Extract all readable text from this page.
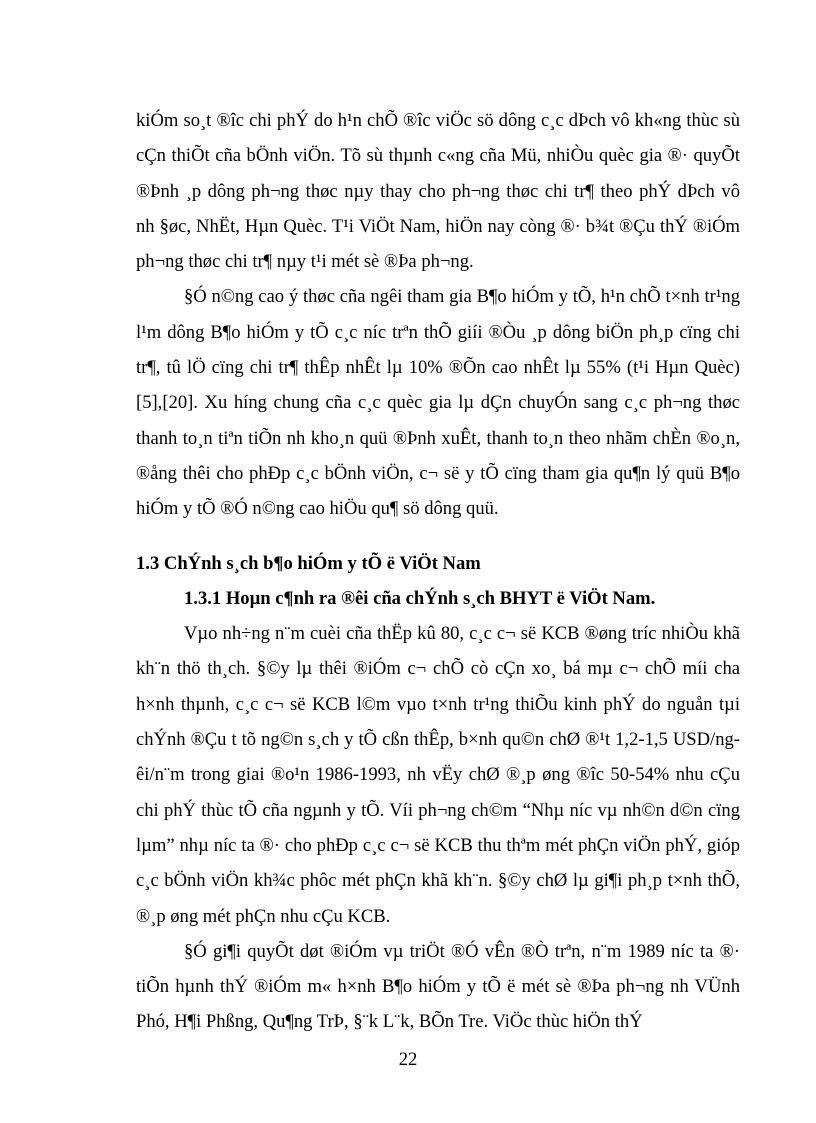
kiÓm so¸t ®îc chi phÝ do h¹n chÕ ®îc viÖc sö dông c¸c dÞch vô kh«ng thùc sù cÇn thiÕt cña bÖnh viÖn. Tõ sù thµnh c«ng cña Mü, nhiÒu quèc gia ®· quyÕt ®Þnh ¸p dông ph¬ng thøc nµy thay cho ph¬ng thøc chi tr¶ theo phÝ dÞch vô nh §øc, NhËt, Hµn Quèc. T¹i ViÖt Nam, hiÖn nay còng ®· b¾t ®Çu thÝ ®iÓm ph¬ng thøc chi tr¶ nµy t¹i mét sè ®Þa ph¬ng.

§Ó n©ng cao ý thøc cña ngêi tham gia B¶o hiÓm y tÕ, h¹n chÕ t×nh tr¹ng l¹m dông B¶o hiÓm y tÕ c¸c níc trªn thÕ giíi ®Òu ¸p dông biÖn ph¸p cïng chi tr¶, tû lÖ cïng chi tr¶ thÊp nhÊt lµ 10% ®Õn cao nhÊt lµ 55% (t¹i Hµn Quèc) [5],[20]. Xu híng chung cña c¸c quèc gia lµ dÇn chuyÓn sang c¸c ph¬ng thøc thanh to¸n tiªn tiÕn nh kho¸n quü ®Þnh xuÊt, thanh to¸n theo nhãm chÈn ®o¸n, ®ång thêi cho phÐp c¸c bÖnh viÖn, c¬ së y tÕ cïng tham gia qu¶n lý quü B¶o hiÓm y tÕ ®Ó n©ng cao hiÖu qu¶ sö dông quü.

1.3 ChÝnh s¸ch b¶o hiÓm y tÕ ë ViÖt Nam

1.3.1 Hoµn c¶nh ra ®êi cña chÝnh s¸ch BHYT ë ViÖt Nam.

Vµo nh÷ng n¨m cuèi cña thËp kû 80, c¸c c¬ së KCB ®øng tríc nhiÒu khã kh¨n thö th¸ch. §©y lµ thêi ®iÓm c¬ chÕ cò cÇn xo¸ bá mµ c¬ chÕ míi cha h×nh thµnh, c¸c c¬ së KCB l©m vµo t×nh tr¹ng thiÕu kinh phÝ do nguån tµi chÝnh ®Çu t tõ ng©n s¸ch y tÕ cßn thÊp, b×nh qu©n chØ ®¹t 1,2-1,5 USD/ngêi/n¨m trong giai ®o¹n 1986-1993, nh vËy chØ ®¸p øng ®îc 50-54% nhu cÇu chi phÝ thùc tÕ cña ngµnh y tÕ. Víi ph¬ng ch©m “Nhµ níc vµ nh©n d©n cïng lµm” nhµ níc ta ®· cho phÐp c¸c c¬ së KCB thu thªm mét phÇn viÖn phÝ, gióp c¸c bÖnh viÖn kh¾c phôc mét phÇn khã kh¨n. §©y chØ lµ gi¶i ph¸p t×nh thÕ, ®¸p øng mét phÇn nhu cÇu KCB.

§Ó gi¶i quyÕt døt ®iÓm vµ triÖt ®Ó vÊn ®Ò trªn, n¨m 1989 níc ta ®· tiÕn hµnh thÝ ®iÓm m« h×nh B¶o hiÓm y tÕ ë mét sè ®Þa ph¬ng nh VÜnh Phó, H¶i Phßng, Qu¶ng TrÞ, §¨k L¨k, BÕn Tre. ViÖc thùc hiÖn thÝ

22
